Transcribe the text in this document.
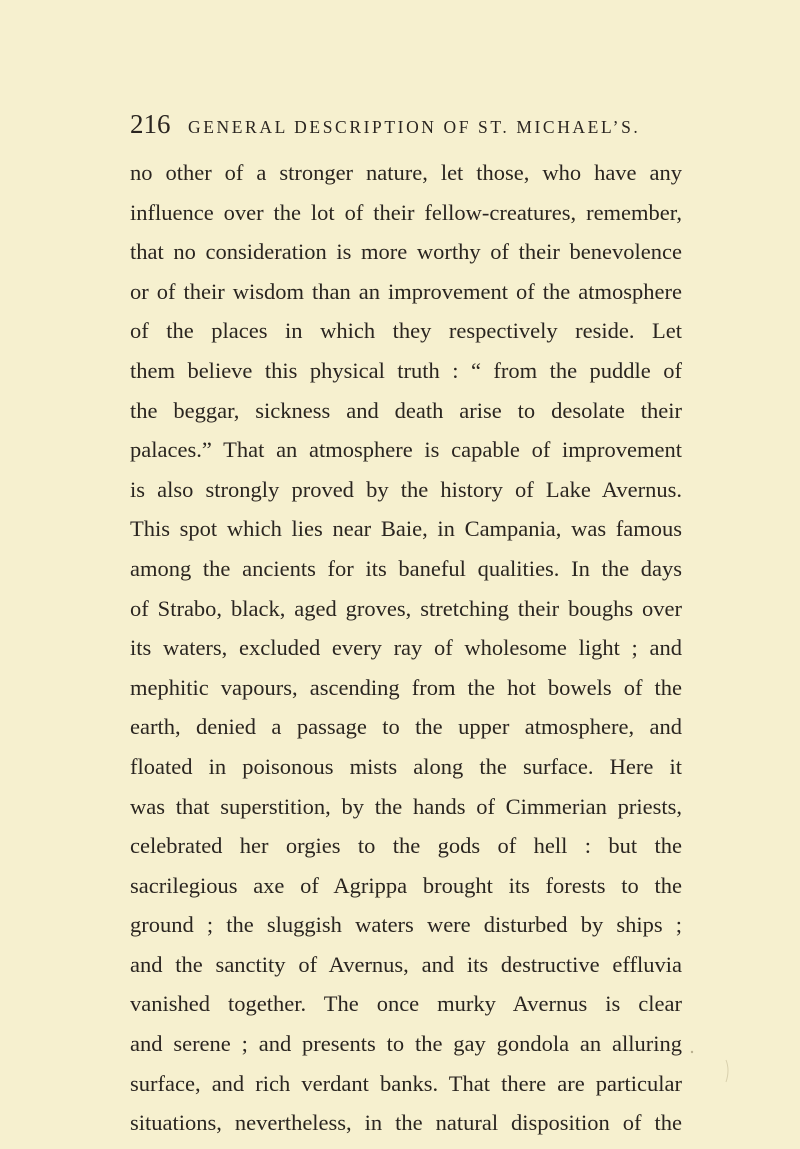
216 GENERAL DESCRIPTION OF ST. MICHAEL’S.
no other of a stronger nature, let those, who have any
influence over the lot of their fellow-creatures, remember,
that no consideration is more worthy of their benevolence
or of their wisdom than an improvement of the atmosphere
of the places in which they respectively reside. Let
them believe this physical truth : “ from the puddle of
the beggar, sickness and death arise to desolate their
palaces.” That an atmosphere is capable of improvement
is also strongly proved by the history of Lake Avernus.
This spot which lies near Baie, in Campania, was famous
among the ancients for its baneful qualities. In the days
of Strabo, black, aged groves, stretching their boughs over
its waters, excluded every ray of wholesome light ; and
mephitic vapours, ascending from the hot bowels of the
earth, denied a passage to the upper atmosphere, and
floated in poisonous mists along the surface. Here it
was that superstition, by the hands of Cimmerian priests,
celebrated her orgies to the gods of hell : but the
sacrilegious axe of Agrippa brought its forests to the
ground ; the sluggish waters were disturbed by ships ;
and the sanctity of Avernus, and its destructive effluvia
vanished together. The once murky Avernus is clear
and serene ; and presents to the gay gondola an alluring
surface, and rich verdant banks. That there are particular
situations, nevertheless, in the natural disposition of the
